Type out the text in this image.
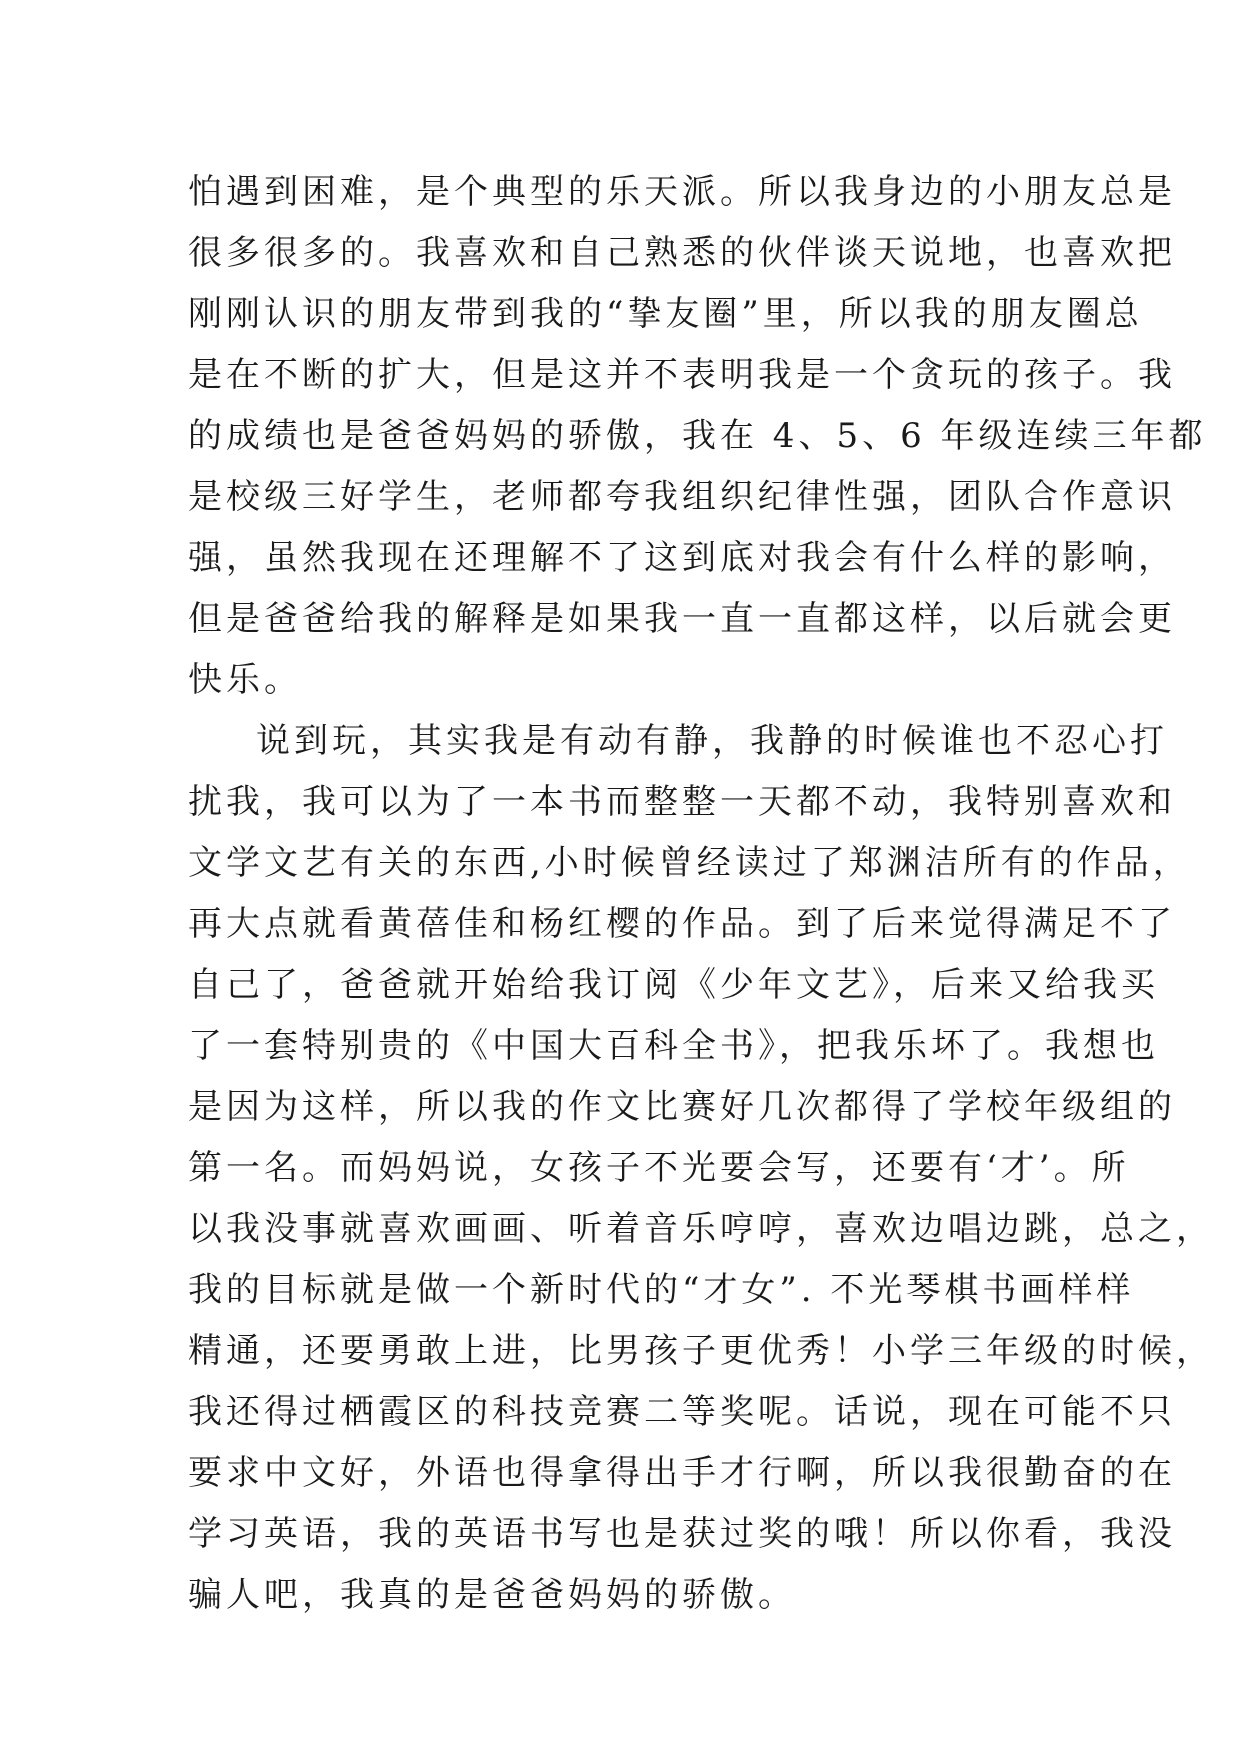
怕遇到困难，是个典型的乐天派。所以我身边的小朋友总是
很多很多的。我喜欢和自己熟悉的伙伴谈天说地，也喜欢把
刚刚认识的朋友带到我的“挚友圈”里，所以我的朋友圈总
是在不断的扩大，但是这并不表明我是一个贪玩的孩子。我
的成绩也是爸爸妈妈的骄傲，我在 4、5、6 年级连续三年都
是校级三好学生，老师都夸我组织纪律性强，团队合作意识
强，虽然我现在还理解不了这到底对我会有什么样的影响，
但是爸爸给我的解释是如果我一直一直都这样，以后就会更
快乐。
说到玩，其实我是有动有静，我静的时候谁也不忍心打
扰我，我可以为了一本书而整整一天都不动，我特别喜欢和
文学文艺有关的东西,小时候曾经读过了郑渊洁所有的作品，
再大点就看黄蓓佳和杨红樱的作品。到了后来觉得满足不了
自己了，爸爸就开始给我订阅《少年文艺》，后来又给我买
了一套特别贵的《中国大百科全书》，把我乐坏了。我想也
是因为这样，所以我的作文比赛好几次都得了学校年级组的
第一名。而妈妈说，女孩子不光要会写，还要有‘才’。所
以我没事就喜欢画画、听着音乐哼哼，喜欢边唱边跳，总之，
我的目标就是做一个新时代的“才女”. 不光琴棋书画样样
精通，还要勇敢上进，比男孩子更优秀！小学三年级的时候，
我还得过栖霞区的科技竞赛二等奖呢。话说，现在可能不只
要求中文好，外语也得拿得出手才行啊，所以我很勤奋的在
学习英语，我的英语书写也是获过奖的哦！所以你看，我没
骗人吧，我真的是爸爸妈妈的骄傲。
